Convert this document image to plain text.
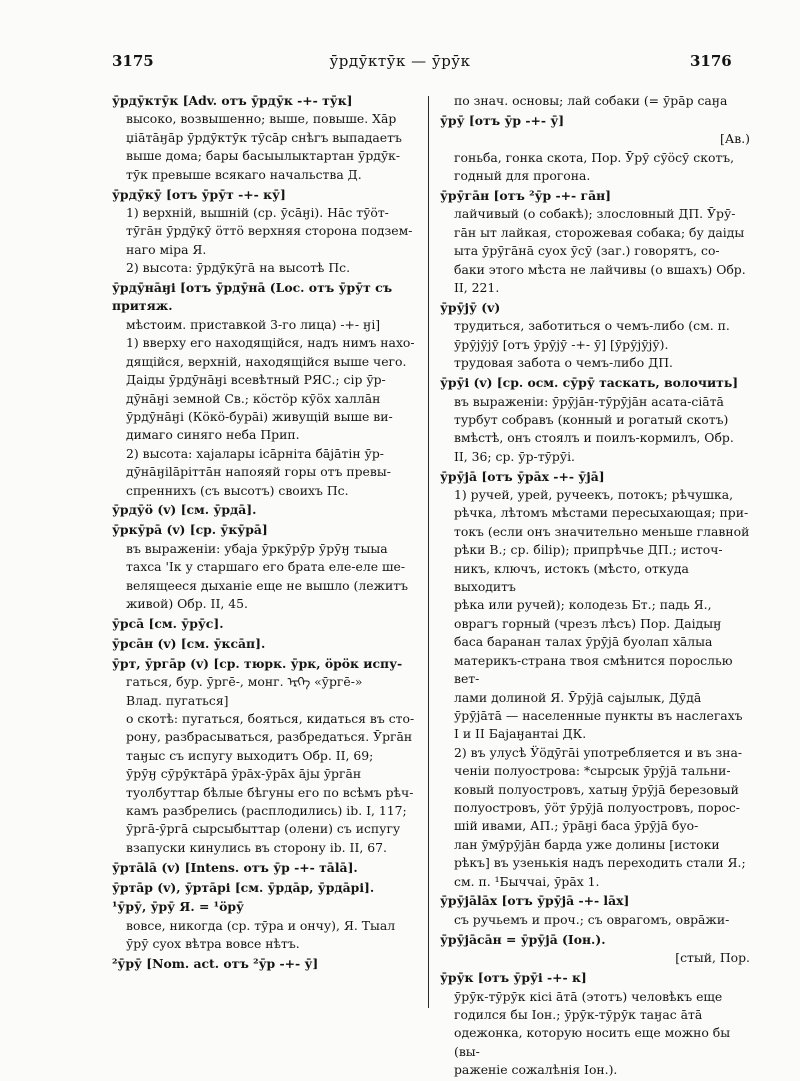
3175	ӯрдӯктӯк — ӯрӯк	3176
ӯрдӯктӯк [Adv. отъ ӯрдӯк -+- тӯк]
высоко, возвышенно; выше, повыше. Хāр
џіāтāӈāр ӯрдӯктӯк тӯсāр снѣгъ выпадаетъ
выше дома; бары басыылыктартан ӯрдӯк-
тӯк превыше всякаго начальства Д.
ӯрдӯкӯ [отъ ӯрӯт -+- кӯ]
1) верхній, вышній (ср. ӯсāӈі). Нāс тӯӧт-
тӯгāн ӯрдӯкӯ ӧттӧ верхняя сторона подзем-
наго міра Я.
2) высота: ӯрдӯкӯгā на высотѣ Пс.
ӯрдӯнāӈі [отъ ӯрдӯнā (Loc. отъ ӯрӯт съ притяж.
мѣстоим. приставкой 3-го лица) -+- ӈі]
1) вверху его находящійся, надъ нимъ нахо-
дящійся, верхній, находящійся выше чего.
Даіды ӯрдӯнāӈі всевѣтный РЯС.; сір ӯр-
дӯнāӈі земной Св.; кӧстӧр кӯӧх халлāн
ӯрдӯнāӈі (Кӧкӧ-бурāі) живущій выше ви-
димаго синяго неба Прип.
2) высота: хајалары ісāрніта бāјāтін ӯр-
дӯнāӈіlāріттāн напояяй горы отъ превы-
спреннихъ (съ высотъ) своихъ Пс.
ӯрдӯӧ (v) [см. ӯрдā].
ӯркӯрā (v) [ср. ӯкӯрā]
въ выраженіи: убаја ӯркӯрӯр ӯрӯӈ тыыа
тахса 'Ік у старшаго его брата еле-еле ше-
велящееся дыханіе еще не вышло (лежитъ
живой) Обр. II, 45.
ӯрсā [см. ӯрӯс].
ӯрсāн (v) [см. ӯксāп].
ӯрт, ӯргāр (v) [ср. тюрк. ӯрк, ӧрӧк испу-
гаться, бур. ӯргē-, монг. ᠡᠷᠭᠡ «ӯргē-»
Влад. пугаться]
о скотѣ: пугаться, бояться, кидаться въ сто-
рону, разбрасываться, разбредаться. Ӯргāн
таӈыс съ испугу выходитъ Обр. II, 69;
ӯрӯӈ сӯрӯктāрā ӯрāх-ӯрāх āјы ӯргāн
туолбуттар бѣлые бѣгуны его по всѣмъ рѣч-
камъ разбрелись (расплодились) ib. I, 117;
ӯргā-ӯргā сырсыбыттар (олени) съ испугу
взапуски кинулись въ сторону ib. II, 67.
ӯртālā (v) [Intens. отъ ӯр -+- тālā].
ӯртāр (v), ӯртāрі [см. ӯрдāр, ӯрдāрі].
¹ӯрӯ, ӯрӯ Я. = ¹ӧрӯ
вовсе, никогда (ср. тӯра и ончу), Я. Тыал
ӯрӯ суох вѣтра вовсе нѣтъ.
²ӯрӯ [Nom. act. отъ ²ӯр -+- ӯ]
по знач. основы; лай собаки (= ӯрāр саӈа
ӯрӯ [отъ ӯр -+- ӯ]
[Ав.)
гоньба, гонка скота, Пор. Ӯрӯ сӯӧсӯ скотъ,
годный для прогона.
ӯрӯгāн [отъ ²ӯр -+- гāн]
лайчивый (о собакѣ); злословный ДП. Ӯрӯ-
гāн ыт лайкая, сторожевая собака; бу даіды
ыта ӯрӯгāнā суох ӯсӯ (заг.) говорятъ, со-
баки этого мѣста не лайчивы (о вшахъ) Обр.
II, 221.
ӯрӯјӯ (v)
трудиться, заботиться о чемъ-либо (см. п.
ӯрӯјӯјӯ [отъ ӯрӯјӯ -+- ӯ] [ӯрӯјӯјӯ).
трудовая забота о чемъ-либо ДП.
ӯрӯі (v) [ср. осм. сӯрӯ таскать, волочить]
въ выраженіи: ӯрӯјāн-тӯрӯјāн асата-сіāтā
турбут собравъ (конный и рогатый скотъ)
вмѣстѣ, онъ стоялъ и поилъ-кормилъ, Обр.
II, 36; ср. ӯр-тӯрӯі.
ӯрӯјā [отъ ӯрāх -+- ӯјā]
1) ручей, урей, ручеекъ, потокъ; рѣчушка,
рѣчка, лѣтомъ мѣстами пересыхающая; при-
токъ (если онъ значительно меньше главной
рѣки В.; ср. біlір); припрѣчье ДП.; источ-
никъ, ключъ, истокъ (мѣсто, откуда выходитъ
рѣка или ручей); колодезь Бт.; падь Я.,
оврагъ горный (чрезъ лѣсъ) Пор. Даідыӈ
баса баранан талах ӯрӯјā буолап хāлыа
материкъ-страна твоя смѣнится порослью вет-
лами долиной Я. Ӯрӯјā сајылык, Дӯдā
ӯрӯјāтā — населенные пункты въ наслегахъ
I и II Баjаӈантаі ДК.
2) въ улусѣ Ӱӧдӯгāі употребляется и въ зна-
ченіи полуострова: *сырсык ӯрӯјā тальни-
ковый полуостровъ, хатыӈ ӯрӯјā березовый
полуостровъ, ӯӧт ӯрӯјā полуостровъ, порос-
шій ивами, АП.; ӯрāӈі баса ӯрӯјā буо-
лан ӯмӯрӯјāн барда уже долины [истоки
рѣкъ] въ узенькія надъ переходить стали Я.;
см. п. ¹Быччаі, ӯрāх 1.
ӯрӯјālāх [отъ ӯрӯјā -+- lāх]
съ ручьемъ и проч.; съ оврагомъ, оврāжи-
ӯрӯјāсāн = ӯрӯјā (Іон.).
[стый, Пор.
ӯрӯк [отъ ӯрӯі -+- к]
ӯрӯк-тӯрӯк кісі āтā (этотъ) человѣкъ еще
годился бы Іон.; ӯрӯк-тӯрӯк таӈас āтā
одежонка, которую носить еще можно бы (вы-
раженіе сожалѣнія Іон.).
